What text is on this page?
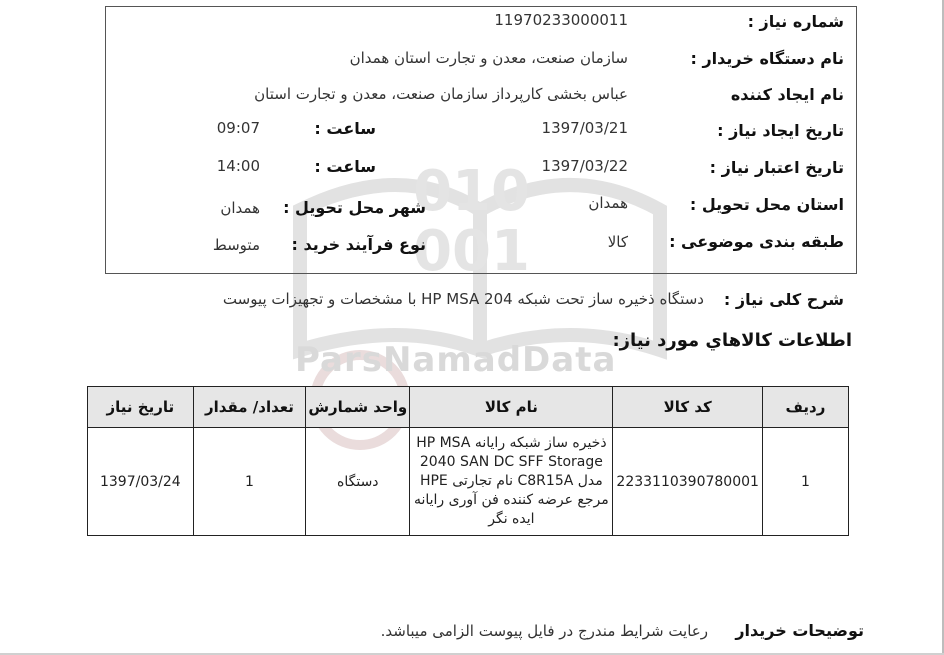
010
001
ParsNamadData
شماره نیاز :
11970233000011
نام دستگاه خریدار :
سازمان صنعت، معدن و تجارت استان همدان
نام ایجاد کننده
عباس بخشی کارپرداز سازمان صنعت، معدن و تجارت استان
تاریخ ایجاد نیاز :
1397/03/21
ساعت :
09:07
تاریخ اعتبار نیاز :
1397/03/22
ساعت :
14:00
استان محل تحویل :
همدان
شهر محل تحویل :
همدان
طبقه بندی موضوعی :
کالا
نوع فرآیند خرید :
متوسط
شرح کلی نیاز :
دستگاه ذخیره ساز تحت شبکه HP MSA 204 با مشخصات و تجهیزات پیوست
اطلاعات کالاهاي مورد نیاز:
ردیف	کد کالا	نام کالا	واحد شمارش	تعداد/ مقدار	تاریخ نیاز
1	2233110390780001	ذخیره ساز شبکه رایانه HP MSA 2040 SAN DC SFF Storage مدل C8R15A نام تجارتی HPE مرجع عرضه کننده فن آوری رایانه ایده نگر	دستگاه	1	1397/03/24
توضیحات خریدار
رعایت شرایط مندرج در فایل پیوست الزامی میباشد.
